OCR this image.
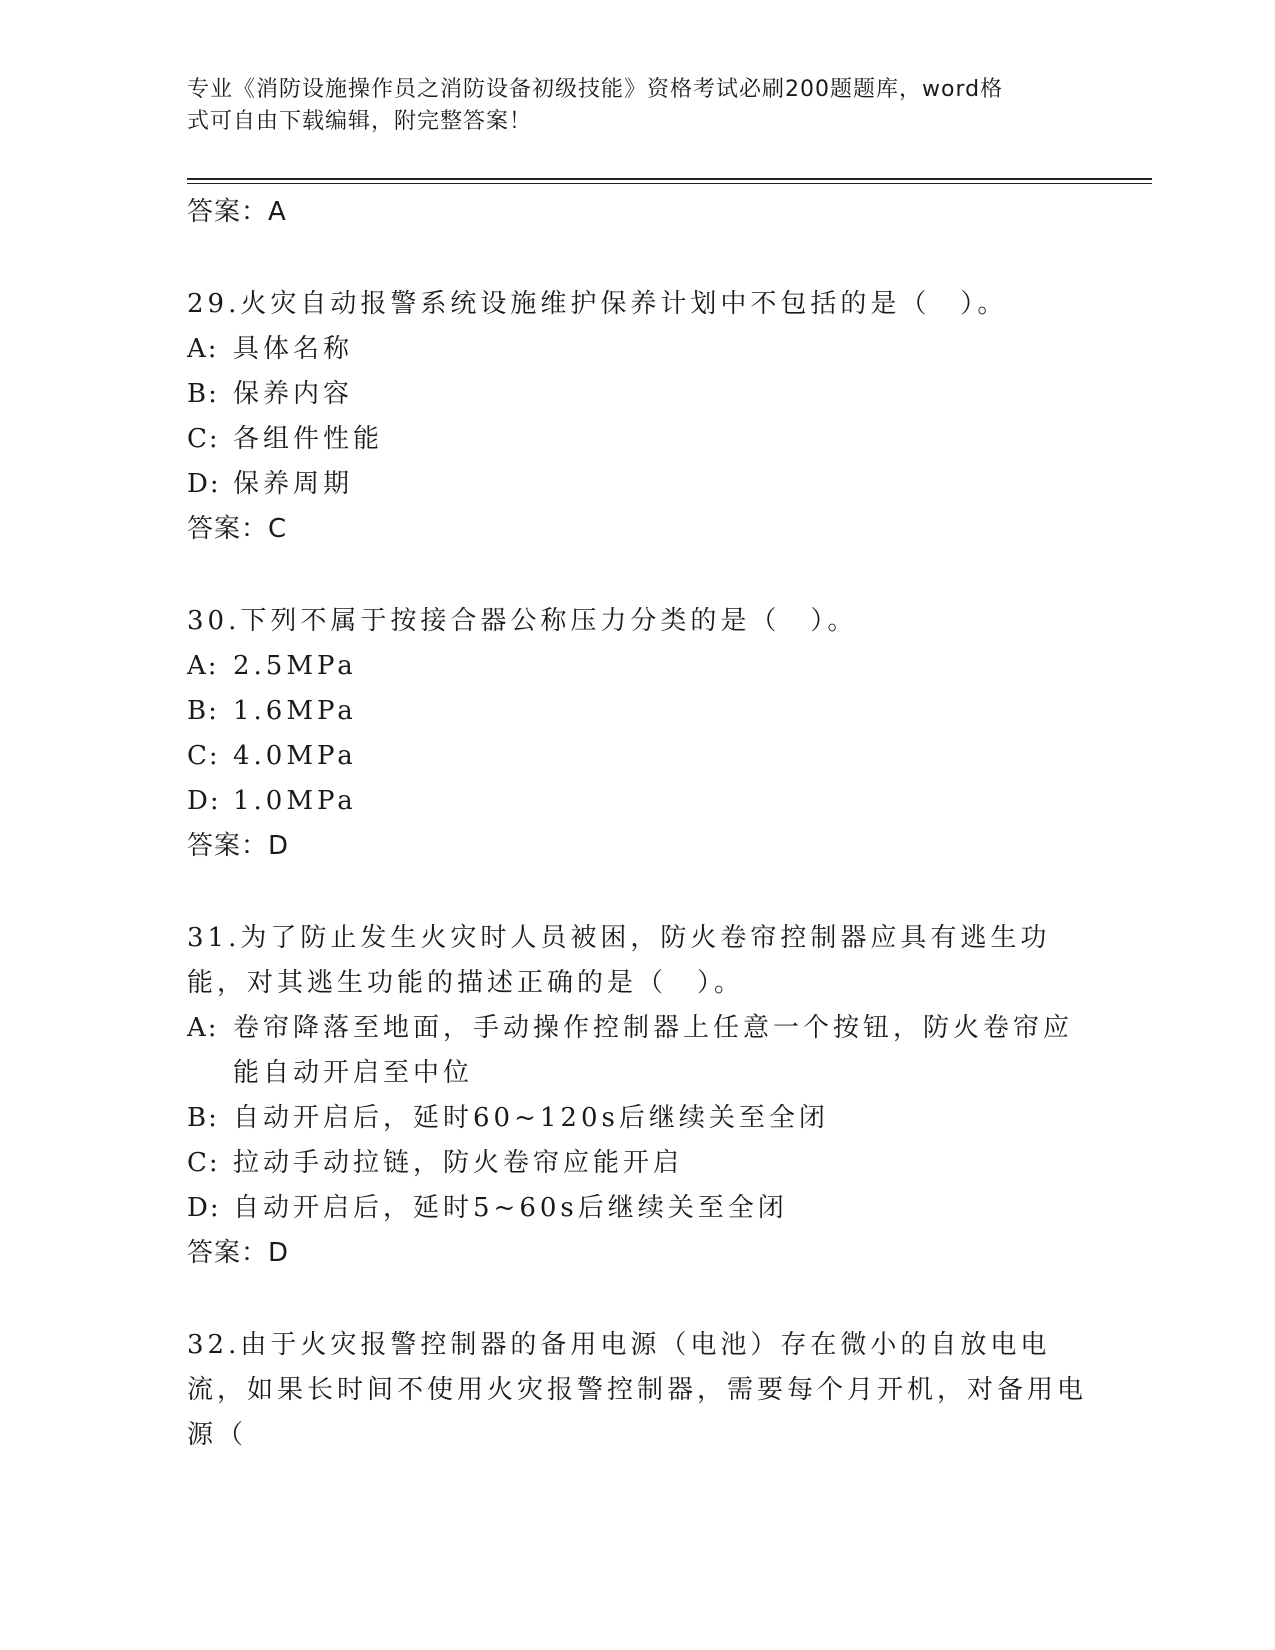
专业《消防设施操作员之消防设备初级技能》资格考试必刷200题题库，word格
式可自由下载编辑，附完整答案！
答案：A
29.火灾自动报警系统设施维护保养计划中不包括的是（　）。
A: 具体名称
B: 保养内容
C: 各组件性能
D: 保养周期
答案：C
30.下列不属于按接合器公称压力分类的是（　）。
A: 2.5MPa
B: 1.6MPa
C: 4.0MPa
D: 1.0MPa
答案：D
31.为了防止发生火灾时人员被困，防火卷帘控制器应具有逃生功能，对其逃生功能的描述正确的是（　）。
A: 卷帘降落至地面，手动操作控制器上任意一个按钮，防火卷帘应能自动开启至中位
B: 自动开启后，延时60~120s后继续关至全闭
C: 拉动手动拉链，防火卷帘应能开启
D: 自动开启后，延时5~60s后继续关至全闭
答案：D
32.由于火灾报警控制器的备用电源（电池）存在微小的自放电电流，如果长时间不使用火灾报警控制器，需要每个月开机，对备用电源（
